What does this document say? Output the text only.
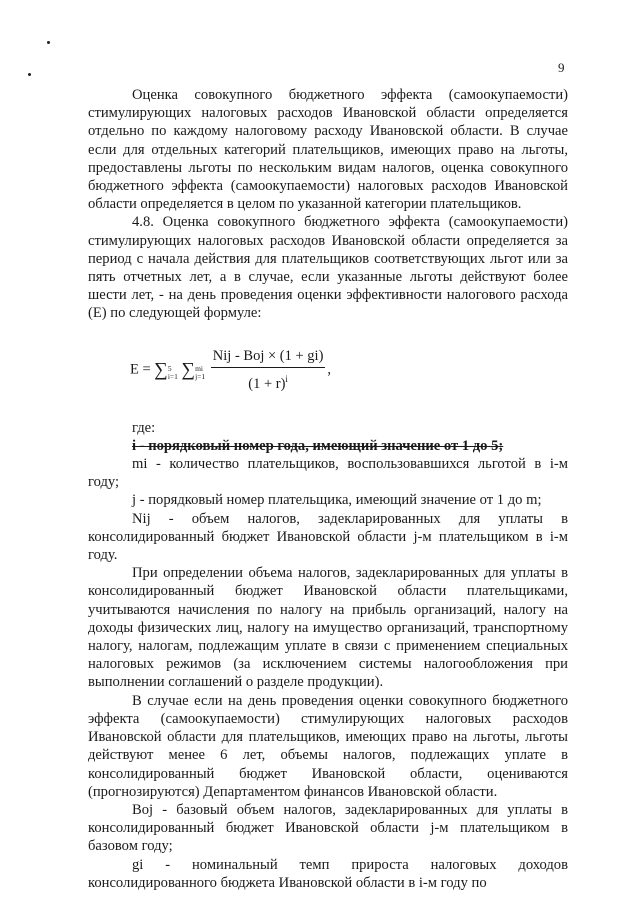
9

Оценка совокупного бюджетного эффекта (самоокупаемости) стимулирующих налоговых расходов Ивановской области определяется отдельно по каждому налоговому расходу Ивановской области. В случае если для отдельных категорий плательщиков, имеющих право на льготы, предоставлены льготы по нескольким видам налогов, оценка совокупного бюджетного эффекта (самоокупаемости) налоговых расходов Ивановской области определяется в целом по указанной категории плательщиков.

4.8. Оценка совокупного бюджетного эффекта (самоокупаемости) стимулирующих налоговых расходов Ивановской области определяется за период с начала действия для плательщиков соответствующих льгот или за пять отчетных лет, а в случае, если указанные льготы действуют более шести лет, - на день проведения оценки эффективности налогового расхода (E) по следующей формуле:

E = ∑5
i=1 ∑mi
$j=1 \frac{\text{Nij - Boj × (1 + gi)}}{(1 + r)^i}$ ,

где:

i - порядковый номер года, имеющий значение от 1 до 5;

mi - количество плательщиков, воспользовавшихся льготой в i-м году;

j - порядковый номер плательщика, имеющий значение от 1 до m;

Nij - объем налогов, задекларированных для уплаты в консолидированный бюджет Ивановской области j-м плательщиком в i-м году.

При определении объема налогов, задекларированных для уплаты в консолидированный бюджет Ивановской области плательщиками, учитываются начисления по налогу на прибыль организаций, налогу на доходы физических лиц, налогу на имущество организаций, транспортному налогу, налогам, подлежащим уплате в связи с применением специальных налоговых режимов (за исключением системы налогообложения при выполнении соглашений о разделе продукции).

В случае если на день проведения оценки совокупного бюджетного эффекта (самоокупаемости) стимулирующих налоговых расходов Ивановской области для плательщиков, имеющих право на льготы, льготы действуют менее 6 лет, объемы налогов, подлежащих уплате в консолидированный бюджет Ивановской области, оцениваются (прогнозируются) Департаментом финансов Ивановской области.

Boj - базовый объем налогов, задекларированных для уплаты в консолидированный бюджет Ивановской области j-м плательщиком в базовом году;

gi - номинальный темп прироста налоговых доходов консолидированного бюджета Ивановской области в i-м году по
